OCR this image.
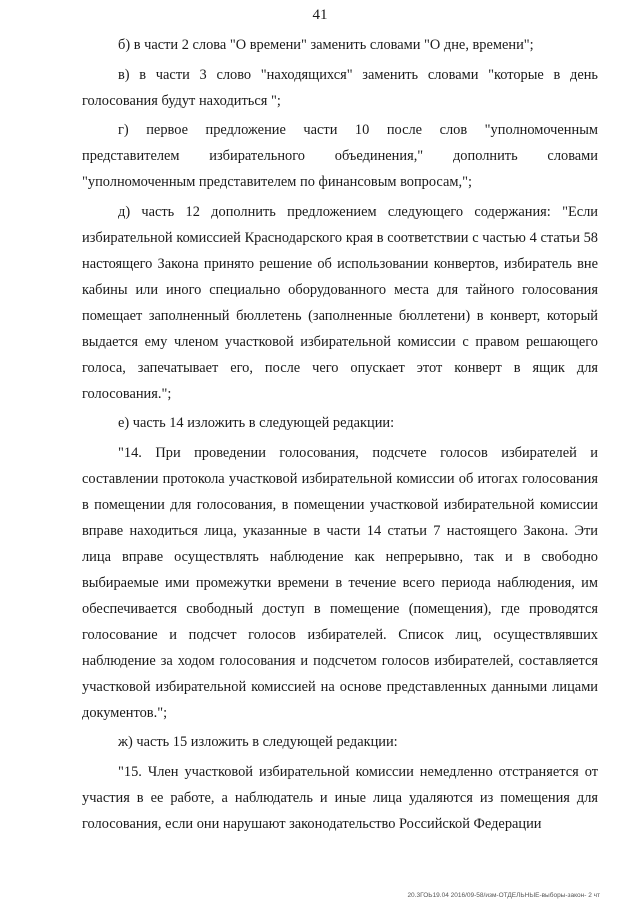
41

б) в части 2 слова "О времени" заменить словами "О дне, времени";

в) в части 3 слово "находящихся" заменить словами "которые в день голосования будут находиться ";

г) первое предложение части 10 после слов "уполномоченным представителем избирательного объединения," дополнить словами "уполномоченным представителем по финансовым вопросам,";

д) часть 12 дополнить предложением следующего содержания: "Если избирательной комиссией Краснодарского края в соответствии с частью 4 статьи 58 настоящего Закона принято решение об использовании конвертов, избиратель вне кабины или иного специально оборудованного места для тайного голосования помещает заполненный бюллетень (заполненные бюллетени) в конверт, который выдается ему членом участковой избирательной комиссии с правом решающего голоса, запечатывает его, после чего опускает этот конверт в ящик для голосования.";

е) часть 14 изложить в следующей редакции:

"14. При проведении голосования, подсчете голосов избирателей и составлении протокола участковой избирательной комиссии об итогах голосования в помещении для голосования, в помещении участковой избирательной комиссии вправе находиться лица, указанные в части 14 статьи 7 настоящего Закона. Эти лица вправе осуществлять наблюдение как непрерывно, так и в свободно выбираемые ими промежутки времени в течение всего периода наблюдения, им обеспечивается свободный доступ в помещение (помещения), где проводятся голосование и подсчет голосов избирателей. Список лиц, осуществлявших наблюдение за ходом голосования и подсчетом голосов избирателей, составляется участковой избирательной комиссией на основе представленных данными лицами документов.";

ж) часть 15 изложить в следующей редакции:

"15. Член участковой избирательной комиссии немедленно отстраняется от участия в ее работе, а наблюдатель и иные лица удаляются из помещения для голосования, если они нарушают законодательство Российской Федерации

20.3ГОЬ19.04 2016/09-58/изм-ОТДЕЛЬНЫЕ-выборы-закон- 2 чт
